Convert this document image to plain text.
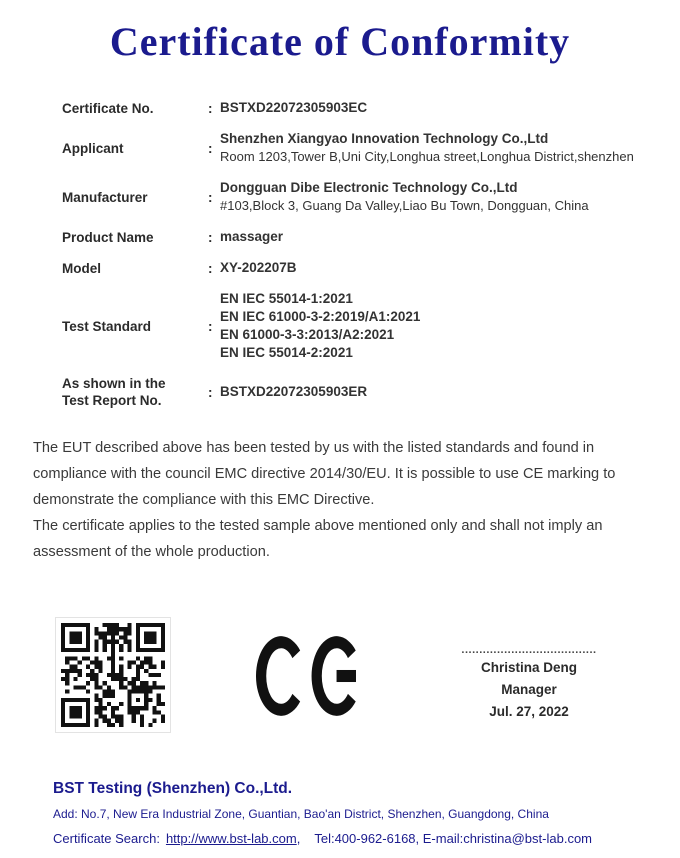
Certificate of Conformity
Certificate No.	: BSTXD22072305903EC
Applicant	:
Shenzhen Xiangyao Innovation Technology Co.,Ltd
Room 1203,Tower B,Uni City,Longhua street,Longhua District,shenzhen
Manufacturer	:
Dongguan Dibe Electronic Technology Co.,Ltd
#103,Block 3, Guang Da Valley,Liao Bu Town, Dongguan, China
Product Name	: massager
Model	: XY-202207B
Test Standard	:
EN IEC 55014-1:2021
EN IEC 61000-3-2:2019/A1:2021
EN 61000-3-3:2013/A2:2021
EN IEC 55014-2:2021
As shown in the
Test Report No.
: BSTXD22072305903ER
The EUT described above has been tested by us with the listed standards and found in compliance with the council EMC directive 2014/30/EU. It is possible to use CE marking to demonstrate the compliance with this EMC Directive.
The certificate applies to the tested sample above mentioned only and shall not imply an assessment of the whole production.
......................................
Christina Deng
Manager
Jul. 27, 2022
BST Testing (Shenzhen) Co.,Ltd.
Add: No.7, New Era Industrial Zone, Guantian, Bao'an District, Shenzhen, Guangdong, China
Certificate Search: http://www.bst-lab.com , Tel:400-962-6168, E-mail:christina@bst-lab.com
